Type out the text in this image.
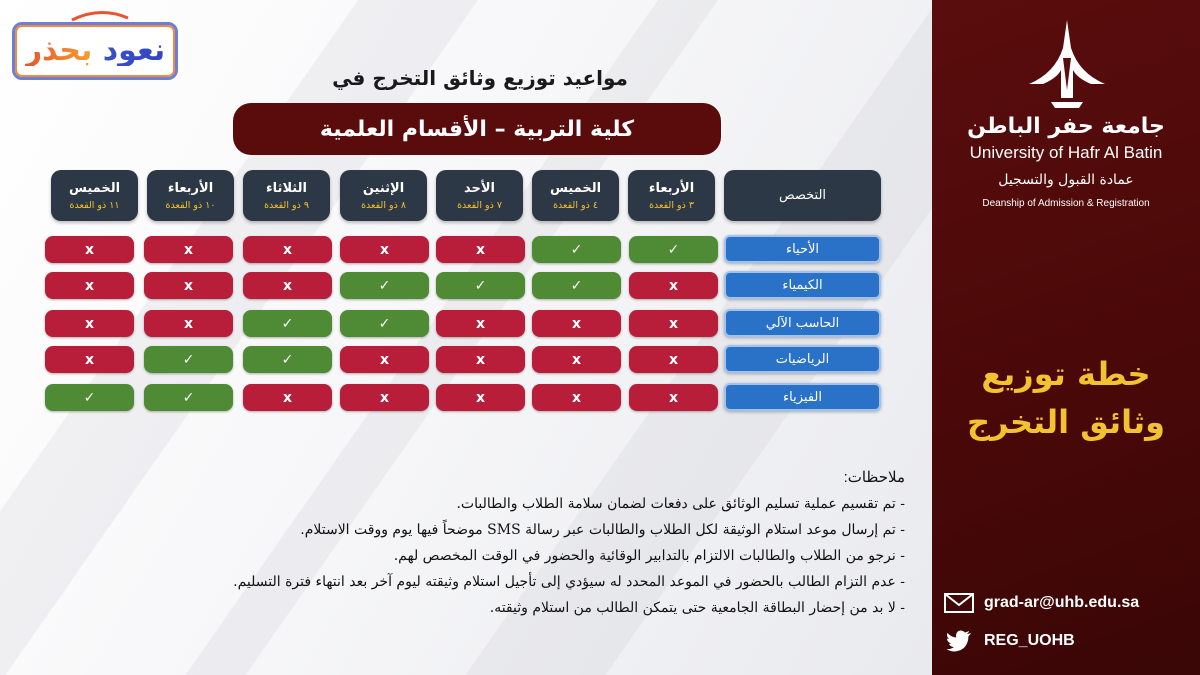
نعود بحذر
مواعيد توزيع وثائق التخرج في
كلية التربية – الأقسام العلمية
التخصص
الأربعاء
٣ ذو القعدة
الخميس
٤ ذو القعدة
الأحد
٧ ذو القعدة
الإثنين
٨ ذو القعدة
الثلاثاء
٩ ذو القعدة
الأربعاء
١٠ ذو القعدة
الخميس
١١ ذو القعدة
الأحياء
✓
✓
x
x
x
x
x
الكيمياء
x
✓
✓
✓
x
x
x
الحاسب الآلي
x
x
x
✓
✓
x
x
الرياضيات
x
x
x
x
✓
✓
x
الفيزياء
x
x
x
x
x
✓
✓
ملاحظات:
- تم تقسيم عملية تسليم الوثائق على دفعات لضمان سلامة الطلاب والطالبات.
- تم إرسال موعد استلام الوثيقة لكل الطلاب والطالبات عبر رسالة SMS موضحاً فيها يوم ووقت الاستلام.
- نرجو من الطلاب والطالبات الالتزام بالتدابير الوقائية والحضور في الوقت المخصص لهم.
- عدم التزام الطالب بالحضور في الموعد المحدد له سيؤدي إلى تأجيل استلام وثيقته ليوم آخر بعد انتهاء فترة التسليم.
- لا بد من إحضار البطاقة الجامعية حتى يتمكن الطالب من استلام وثيقته.
جامعة حفر الباطن
University of Hafr Al Batin
عمادة القبول والتسجيل
Deanship of Admission & Registration
خطة توزيع
وثائق التخرج
grad-ar@uhb.edu.sa
REG_UOHB
